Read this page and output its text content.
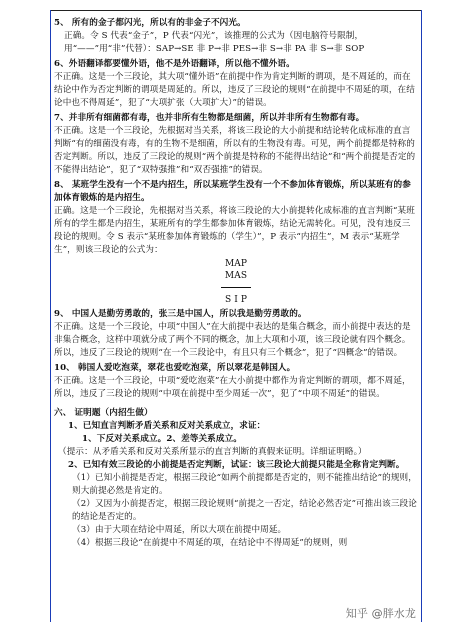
5、 所有的金子都闪光，所以有的非金子不闪光。
正确。令 S 代表“金子”，P 代表“闪光”，该推理的公式为（因电脑符号限制，用“——”用“非”代替）：SAP→SE 非 P→非 PES→非 S→非 PA 非 S→非 SOP
6、外语翻译都要懂外语，他不是外语翻译，所以他不懂外语。
不正确。这是一个三段论，其大项“懂外语”在前提中作为肯定判断的谓项，是不周延的，而在结论中作为否定判断的谓项是周延的。所以，违反了三段论的规则“在前提中不周延的项，在结论中也不得周延”，犯了“大项扩张（大项扩大）”的错误。
7、并非所有细菌都有毒，也并非所有生物都是细菌，所以并非所有生物都有毒。
不正确。这是一个三段论，先根据对当关系，将该三段论的大小前提和结论转化成标准的直言判断“有的细菌没有毒，有的生物不是细菌，所以有的生物没有毒。可见，两个前提都是特称的否定判断。所以，违反了三段论的规则“两个前提是特称的不能得出结论”和“两个前提是否定的不能得出结论”，犯了“双特强推”和“双否强推”的错误。
8、 某班学生没有一个不是内招生，所以某班学生没有一个不参加体育锻炼，所以某班有的参加体育锻炼的是内招生。
正确。这是一个三段论，先根据对当关系，将该三段论的大小前提转化成标准的直言判断“某班所有的学生都是内招生，某班所有的学生都参加体育锻炼，结论无需转化。可见，没有违反三段论的规则。令 S 表示“某班参加体育锻炼的（学生）”，P 表示“内招生”，M 表示“某班学生”，则该三段论的公式为：
MAP
MAS
S I P
9、 中国人是勤劳勇敢的，张三是中国人，所以我是勤劳勇敢的。
不正确。这是一个三段论，中项“中国人”在大前提中表达的是集合概念，而小前提中表达的是非集合概念，这样中项就分成了两个不同的概念，加上大项和小项，该三段论就有四个概念。所以，违反了三段论的规则“在一个三段论中，有且只有三个概念”，犯了“四概念”的错误。
10、 韩国人爱吃泡菜，翠花也爱吃泡菜，所以翠花是韩国人。
不正确。这是一个三段论，中项“爱吃泡菜”在大小前提中都作为肯定判断的谓项，都不周延，所以，违反了三段论的规则“中项在前提中至少周延一次”，犯了“中项不周延”的错误。
六、 证明题（内招生做）
1、已知直言判断矛盾关系和反对关系成立，求证：
1、下反对关系成立。2、差等关系成立。
（提示：从矛盾关系和反对关系所显示的直言判断的真假来证明。详细证明略。）
2、已知有效三段论的小前提是否定判断，试证：该三段论大前提只能是全称肯定判断。
（1）已知小前提是否定，根据三段论“如两个前提都是否定的，则不能推出结论”的规则，则大前提必然是肯定的。
（2）又因为小前提否定，根据三段论规则“前提之一否定，结论必然否定”可推出该三段论的结论是否定的。
（3）由于大项在结论中周延，所以大项在前提中周延。
（4）根据三段论“在前提中不周延的项，在结论中不得周延”的规则，则
知乎 @胖水龙
